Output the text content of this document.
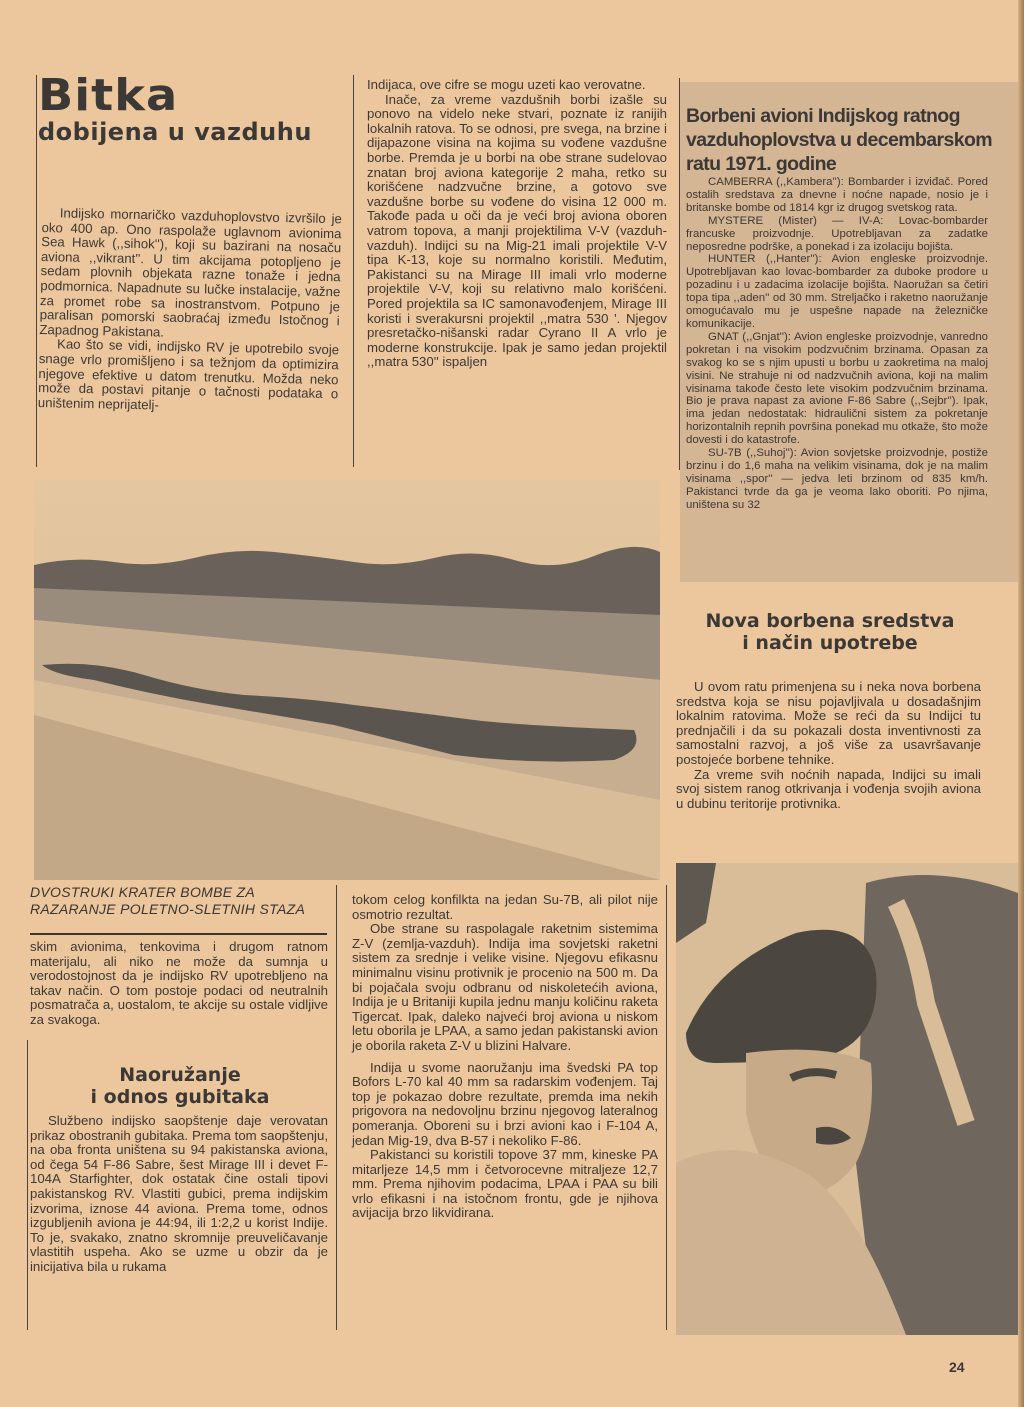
Bitka
dobijena u vazduhu

Indijsko mornaričko vazduhoplovstvo izvršilo je oko 400 ap. Ono raspolaže uglavnom avionima Sea Hawk (,,sihok''), koji su bazirani na nosaču aviona ,,vikrant''. U tim akcijama potopljeno je sedam plovnih objekata razne tonaže i jedna podmornica. Napadnute su lučke instalacije, važne za promet robe sa inostranstvom. Potpuno je paralisan pomorski saobraćaj između Istočnog i Zapadnog Pakistana.

Kao što se vidi, indijsko RV je upotrebilo svoje snage vrlo promišljeno i sa težnjom da optimizira njegove efektive u datom trenutku. Možda neko može da postavi pitanje o tačnosti podataka o uništenim neprijatelj-

Indijaca, ove cifre se mogu uzeti kao verovatne.

Inače, za vreme vazdušnih borbi izašle su ponovo na videlo neke stvari, poznate iz ranijih lokalnih ratova. To se odnosi, pre svega, na brzine i dijapazone visina na kojima su vođene vazdušne borbe. Premda je u borbi na obe strane sudelovao znatan broj aviona kategorije 2 maha, retko su korišćene nadzvučne brzine, a gotovo sve vazdušne borbe su vođene do visina 12 000 m. Takođe pada u oči da je veći broj aviona oboren vatrom topova, a manji projektilima V-V (vazduh-vazduh). Indijci su na Mig-21 imali projektile V-V tipa K-13, koje su normalno koristili. Međutim, Pakistanci su na Mirage III imali vrlo moderne projektile V-V, koji su relativno malo korišćeni. Pored projektila sa IC samonavođenjem, Mirage III koristi i sverakursni projektil ,,matra 530 '. Njegov presretačko-nišanski radar Cyrano II A vrlo je moderne konstrukcije. Ipak je samo jedan projektil ,,matra 530'' ispaljen

DVOSTRUKI KRATER BOMBE ZA RAZARANJE POLETNO-SLETNIH STAZA

skim avionima, tenkovima i drugom ratnom materijalu, ali niko ne može da sumnja u verodostojnost da je indijsko RV upotrebljeno na takav način. O tom postoje podaci od neutralnih posmatrača a, uostalom, te akcije su ostale vidljive za svakoga.

Naoružanje
i odnos gubitaka

Službeno indijsko saopštenje daje verovatan prikaz obostranih gubitaka. Prema tom saopštenju, na oba fronta uništena su 94 pakistanska aviona, od čega 54 F-86 Sabre, šest Mirage III i devet F-104A Starfighter, dok ostatak čine ostali tipovi pakistanskog RV. Vlastiti gubici, prema indijskim izvorima, iznose 44 aviona. Prema tome, odnos izgubljenih aviona je 44:94, ili 1:2,2 u korist Indije. To je, svakako, znatno skromnije preuveličavanje vlastitih uspeha. Ako se uzme u obzir da je inicijativa bila u rukama

tokom celog konfilkta na jedan Su-7B, ali pilot nije osmotrio rezultat.

Obe strane su raspolagale raketnim sistemima Z-V (zemlja-vazduh). Indija ima sovjetski raketni sistem za srednje i velike visine. Njegovu efikasnu minimalnu visinu protivnik je procenio na 500 m. Da bi pojačala svoju odbranu od niskoletećih aviona, Indija je u Britaniji kupila jednu manju količinu raketa Tigercat. Ipak, daleko najveći broj aviona u niskom letu oborila je LPAA, a samo jedan pakistanski avion je oborila raketa Z-V u blizini Halvare.

Indija u svome naoružanju ima švedski PA top Bofors L-70 kal 40 mm sa radarskim vođenjem. Taj top je pokazao dobre rezultate, premda ima nekih prigovora na nedovoljnu brzinu njegovog lateralnog pomeranja. Oboreni su i brzi avioni kao i F-104 A, jedan Mig-19, dva B-57 i nekoliko F-86.

Pakistanci su koristili topove 37 mm, kineske PA mitarljeze 14,5 mm i četvorocevne mitraljeze 12,7 mm. Prema njihovim podacima, LPAA i PAA su bili vrlo efikasni i na istočnom frontu, gde je njihova avijacija brzo likvidirana.

Borbeni avioni Indijskog ratnog vazduhoplovstva u decembarskom ratu 1971. godine

CAMBERRA (,,Kambera''): Bombarder i izviđač. Pored ostalih sredstava za dnevne i noćne napade, nosio je i britanske bombe od 1814 kgr iz drugog svetskog rata.

MYSTERE (Mister) — IV-A: Lovac-bombarder francuske proizvodnje. Upotrebljavan za zadatke neposredne podrške, a ponekad i za izolaciju bojišta.

HUNTER (,,Hanter''): Avion engleske proizvodnje. Upotrebljavan kao lovac-bombarder za duboke prodore u pozadinu i u zadacima izolacije bojišta. Naoružan sa četiri topa tipa ,,aden'' od 30 mm. Streljačko i raketno naoružanje omogućavalo mu je uspešne napade na železničke komunikacije.

GNAT (,,Gnjat''): Avion engleske proizvodnje, vanredno pokretan i na visokim podzvučnim brzinama. Opasan za svakog ko se s njim upusti u borbu u zaokretima na maloj visini. Ne strahuje ni od nadzvučnih aviona, koji na malim visinama takođe često lete visokim podzvučnim brzinama. Bio je prava napast za avione F-86 Sabre (,,Sejbr''). Ipak, ima jedan nedostatak: hidraulični sistem za pokretanje horizontalnih repnih površina ponekad mu otkaže, što može dovesti i do katastrofe.

SU-7B (,,Suhoj''): Avion sovjetske proizvodnje, postiže brzinu i do 1,6 maha na velikim visinama, dok je na malim visinama ,,spor'' — jedva leti brzinom od 835 km/h. Pakistanci tvrde da ga je veoma lako oboriti. Po njima, uništena su 32

Nova borbena sredstva
i način upotrebe

U ovom ratu primenjena su i neka nova borbena sredstva koja se nisu pojavljivala u dosadašnjim lokalnim ratovima. Može se reći da su Indijci tu prednjačili i da su pokazali dosta inventivnosti za samostalni razvoj, a još više za usavršavanje postojeće borbene tehnike.

Za vreme svih noćnih napada, Indijci su imali svoj sistem ranog otkrivanja i vođenja svojih aviona u dubinu teritorije protivnika.

24
